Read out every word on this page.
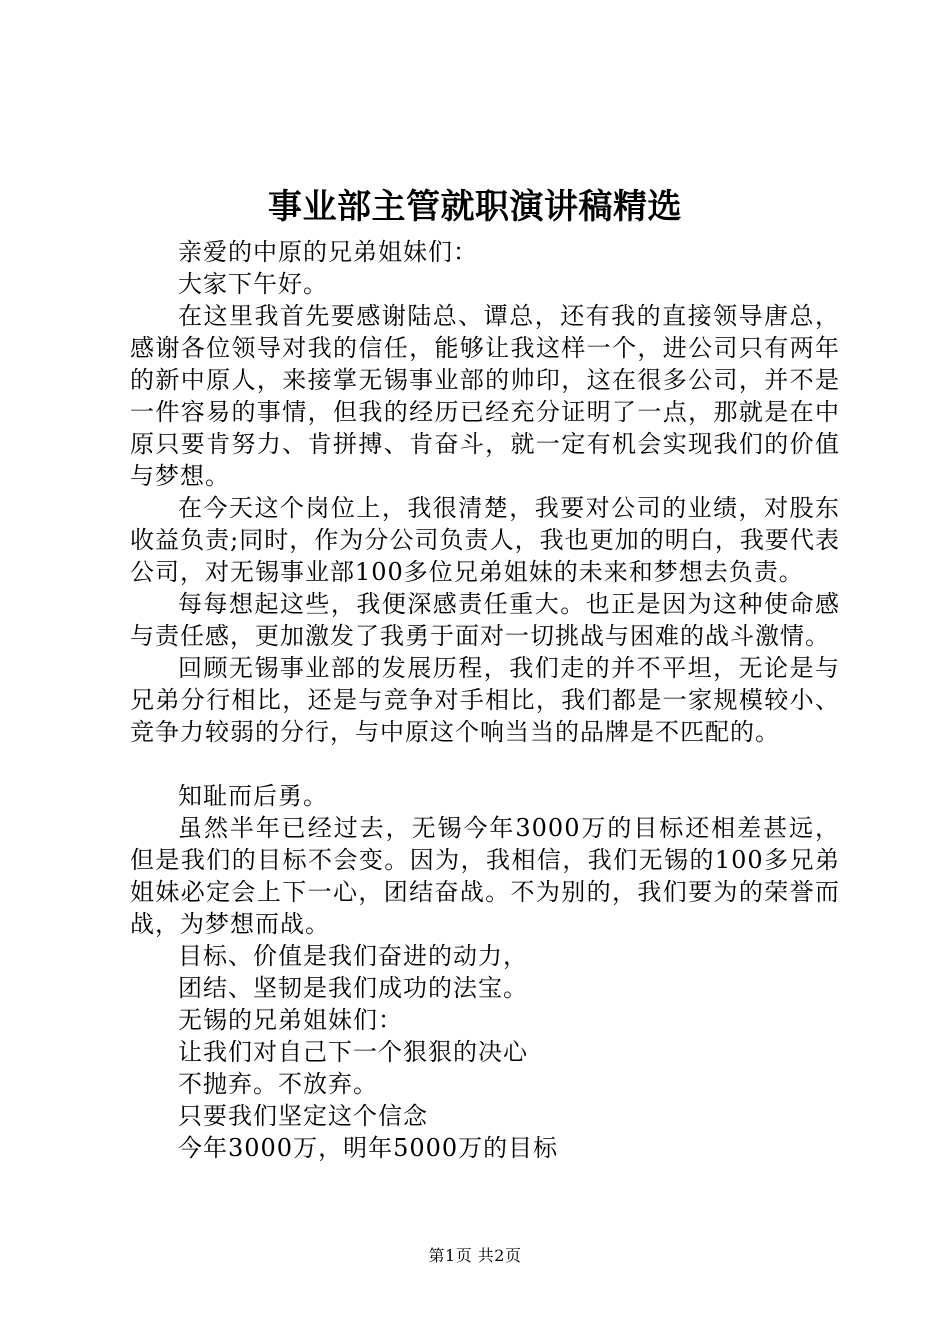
事业部主管就职演讲稿精选

亲爱的中原的兄弟姐妹们：

大家下午好。

在这里我首先要感谢陆总、谭总，还有我的直接领导唐总，感谢各位领导对我的信任，能够让我这样一个，进公司只有两年的新中原人，来接掌无锡事业部的帅印，这在很多公司，并不是一件容易的事情，但我的经历已经充分证明了一点，那就是在中原只要肯努力、肯拼搏、肯奋斗，就一定有机会实现我们的价值与梦想。

在今天这个岗位上，我很清楚，我要对公司的业绩，对股东收益负责;同时，作为分公司负责人，我也更加的明白，我要代表公司，对无锡事业部100多位兄弟姐妹的未来和梦想去负责。

每每想起这些，我便深感责任重大。也正是因为这种使命感与责任感，更加激发了我勇于面对一切挑战与困难的战斗激情。

回顾无锡事业部的发展历程，我们走的并不平坦，无论是与兄弟分行相比，还是与竞争对手相比，我们都是一家规模较小、竞争力较弱的分行，与中原这个响当当的品牌是不匹配的。

知耻而后勇。

虽然半年已经过去，无锡今年3000万的目标还相差甚远，但是我们的目标不会变。因为，我相信，我们无锡的100多兄弟姐妹必定会上下一心，团结奋战。不为别的，我们要为的荣誉而战，为梦想而战。

目标、价值是我们奋进的动力，

团结、坚韧是我们成功的法宝。

无锡的兄弟姐妹们：

让我们对自己下一个狠狠的决心

不抛弃。不放弃。

只要我们坚定这个信念

今年3000万，明年5000万的目标

第1页 共2页
